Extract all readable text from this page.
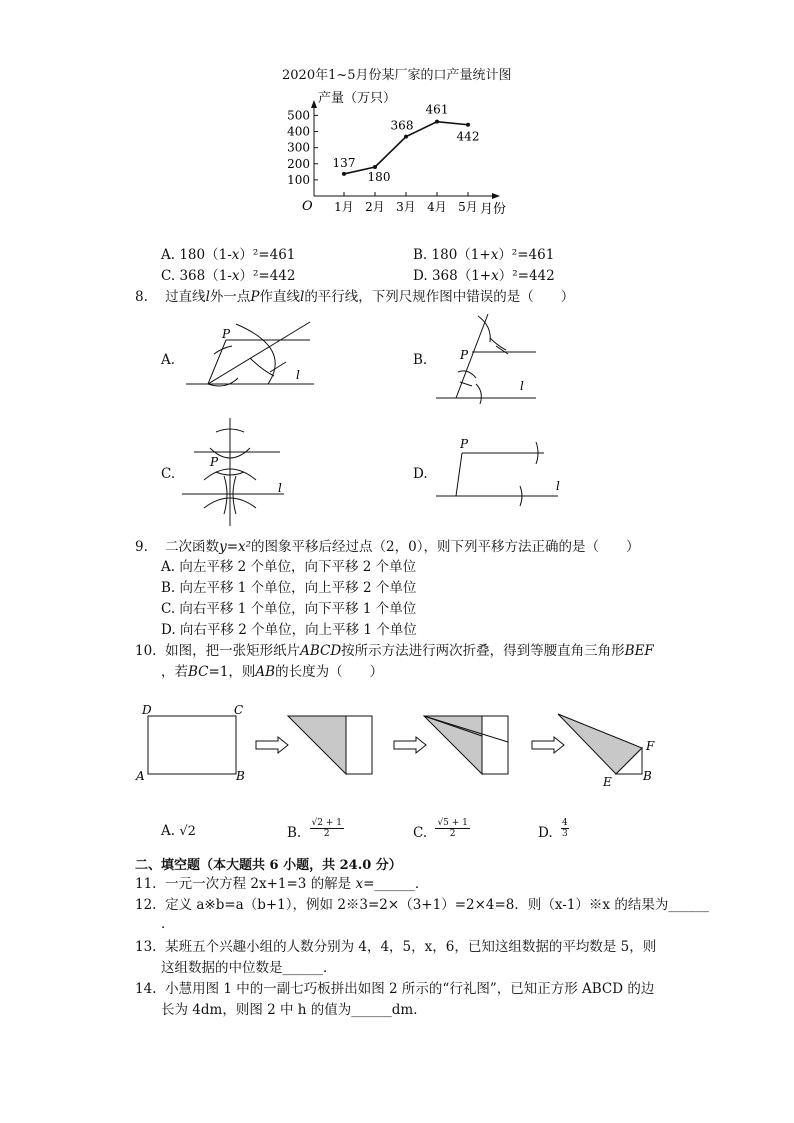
2020年1~5月份某厂家的口产量统计图
O
产量（万只）
月份
100
200
300
400
500
1月 2月 3月 4月 5月
137
180
368
461
442
A. 180（1-x）²=461	B. 180（1+x）²=461
C. 368（1-x）²=442	D. 368（1+x）²=442
8. 过直线l外一点P作直线l的平行线，下列尺规作图中错误的是（　　）
A.	B.
C.	D.
P
l
P
l
P
l
P
l
9. 二次函数y=x²的图象平移后经过点（2，0），则下列平移方法正确的是（　　）
A. 向左平移 2 个单位，向下平移 2 个单位
B. 向左平移 1 个单位，向上平移 2 个单位
C. 向右平移 1 个单位，向下平移 1 个单位
D. 向右平移 2 个单位，向上平移 1 个单位
10. 如图，把一张矩形纸片ABCD按所示方法进行两次折叠，得到等腰直角三角形BEF
，若BC=1，则AB的长度为（　　）
D	C
A	B
F
E	B
A. √2	B. $\frac{√2 + 1}{2}$	C. $\frac{√5 + 1}{2}$	D. $\frac{4}{3}$
二、填空题（本大题共 6 小题，共 24.0 分）
11. 一元一次方程 2x+1=3 的解是 x=______．
12. 定义 a※b=a（b+1），例如 2※3=2×（3+1）=2×4=8．则（x-1）※x 的结果为______
．
13. 某班五个兴趣小组的人数分别为 4，4，5，x，6，已知这组数据的平均数是 5，则
这组数据的中位数是______．
14. 小慧用图 1 中的一副七巧板拼出如图 2 所示的“行礼图”，已知正方形 ABCD 的边
长为 4dm，则图 2 中 h 的值为______dm．
